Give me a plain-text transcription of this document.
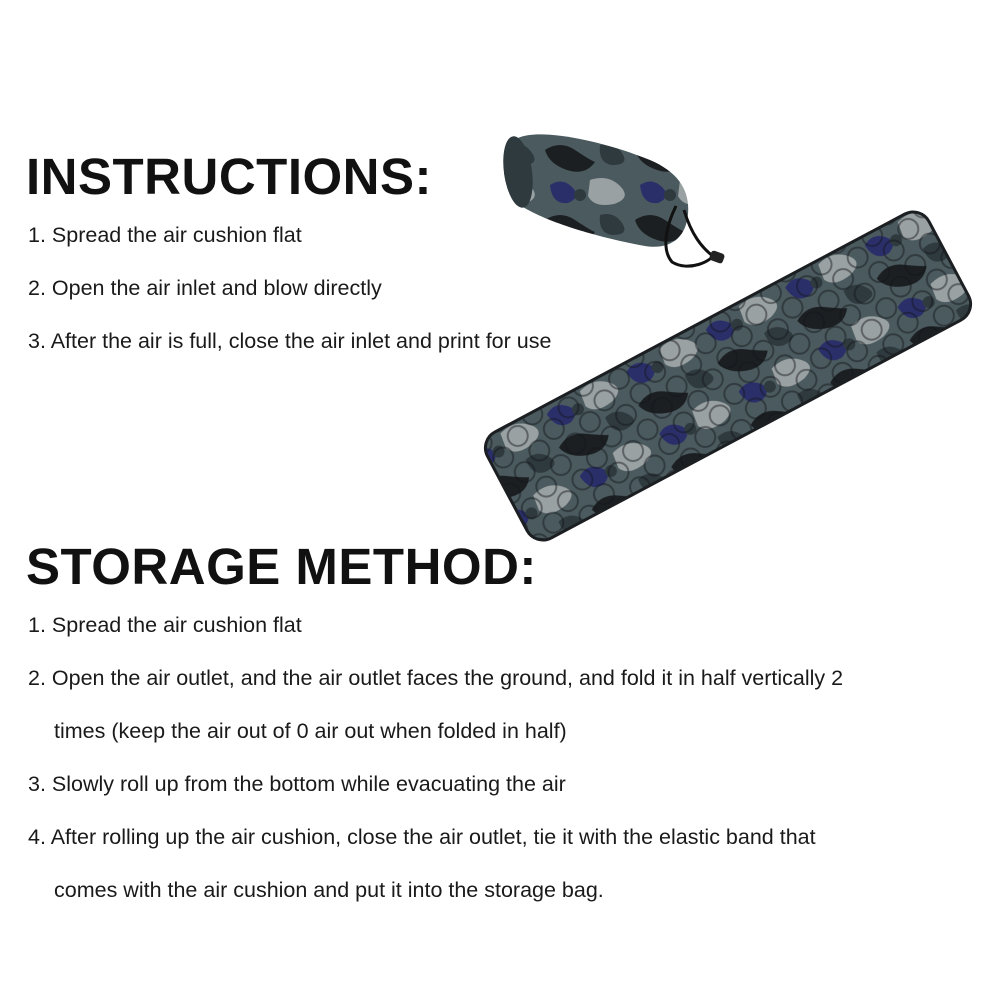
INSTRUCTIONS:

1. Spread the air cushion flat

2. Open the air inlet and blow directly

3. After the air is full, close the air inlet and print for use

STORAGE METHOD:

1. Spread the air cushion flat

2. Open the air outlet, and the air outlet faces the ground, and fold it in half vertically 2

times (keep the air out of 0 air out when folded in half)

3. Slowly roll up from the bottom while evacuating the air

4. After rolling up the air cushion, close the air outlet, tie it with the elastic band that

comes with the air cushion and put it into the storage bag.
